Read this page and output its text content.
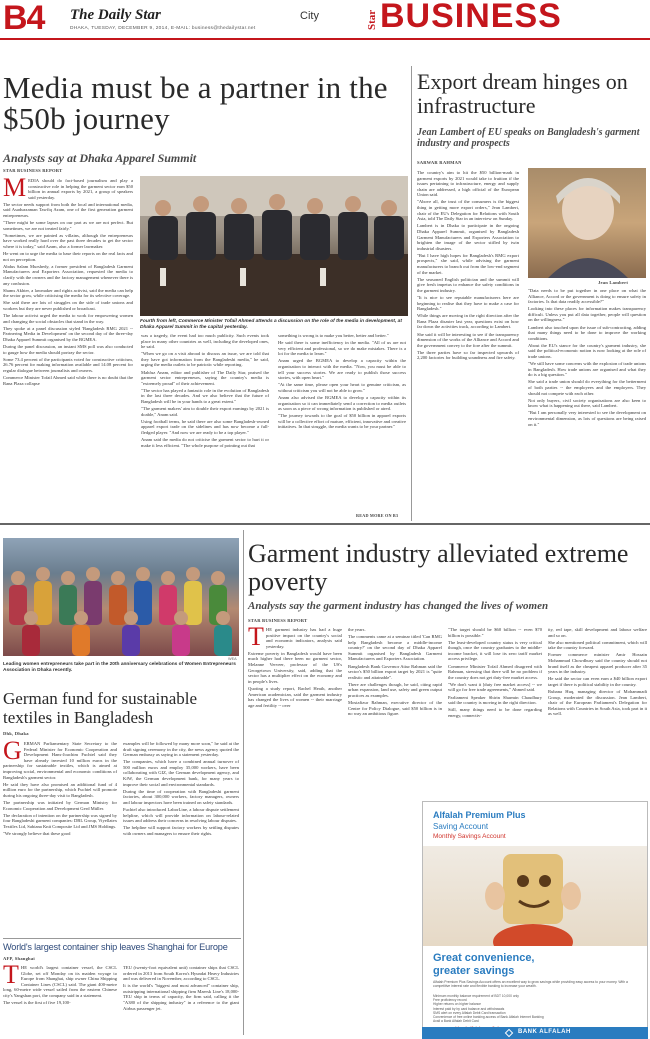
B4 The Daily Star
DHAKA, TUESDAY, DECEMBER 9, 2014, E-MAIL: business@thedailystar.net
City	Star BUSINESS
Media must be a partner in the $50b journey
Analysts say at Dhaka Apparel Summit
STAR BUSINESS REPORT
Fourth from left, Commerce Minister Tofail Ahmed attends a discussion on the role of the media in development, at Dhaka Apparel Summit in the capital yesterday.
M EDIA should do fact-based journalism and play a constructive role in helping the garment sector earn $50 billion in annual exports by 2021, a group of speakers said yesterday.

The sector needs support from both the local and international media, said Asaduzzaman Tawfiq Azam, one of the first generation garment entrepreneurs.

"There might be some lapses on our part as we are not perfect. But sometimes, we are not treated fairly."

"Sometimes, we are painted as villains, although the entrepreneurs have worked really hard over the past three decades to get the sector where it is today," said Azam, also a former lawmaker.

He went on to urge the media to base their reports on the real facts and not on perception.

Abdus Salam Murshedy, a former president of Bangladesh Garment Manufacturers and Exporters Association, requested the media to clarify with the owners and the factory management whenever there is any confusion.

Shams Akhter, a lawmaker and rights activist, said the media can help the sector grow, while criticising the media for its selective coverage.

She said there are lots of struggles on the side of trade unions and workers but they are never published or broadcast.

The labour activist urged the media to work for empowering women and changing the social obstacles that stand in the way.

They spoke at a panel discussion styled 'Bangladesh RMG 2021 -- Partnering Media in Development' on the second day of the three-day Dhaka Apparel Summit organised by the BGMEA.

During the panel discussion, an instant SMS poll was also conducted to gauge how the media should portray the sector.

Some 73.4 percent of the participants voted for constructive criticism, 26.76 percent for making information available and 14.08 percent for regular dialogue between journalists and owners.

Commerce Minister Tofail Ahmed said while there is no doubt that the Rana Plaza collapse

was a tragedy, the event had too much publicity. Such events took place in many other countries as well, including the developed ones, he said.

"When we go on a visit abroad to discuss an issue, we are told that they have got information from the Bangladeshi media," he said, urging the media outlets to be patriotic while reporting.

Mahfuz Anam, editor and publisher of The Daily Star, praised the garment sector entrepreneurs, saying the country's media is "extremely proud" of their achievement.

"The sector has played a fantastic role in the evolution of Bangladesh in the last three decades. And we also believe that the future of Bangladesh will be in your hands to a great extent."

"The garment makers' aim to double their export earnings by 2021 is doable," Anam said.

Using football terms, he said there are also some Bangladesh-owned apparel export trade on the sidelines and has now become a full-fledged player. "And now we are ready to be a top player."

Anam said the media do not criticise the garment sector to hurt it or make it less efficient. "The whole purpose of pointing out that

something is wrong is to make you better, better and better."

He said there is some inefficiency in the media. "All of us are not very efficient and professional, so we do make mistakes. There is a lot for the media to learn."

Anam urged the BGMEA to develop a capacity within the organisation to interact with the media. "Now, you must be able to tell your success stories. We are ready to publish those success stories, with open heart."

"At the same time, please open your heart to genuine criticism, as without criticism you will not be able to grow."

Anam also advised the BGMEA to develop a capacity within its organisation so it can immediately send a correction to media outlets as soon as a piece of wrong information is published or aired.

"The journey towards to the goal of $50 billion in apparel exports will be a collective effort of mature, efficient, innovative and creative initiatives. In that struggle, the media wants to be your partner."

READ MORE ON B3
Export dream hinges on infrastructure
Jean Lambert of EU speaks on Bangladesh's garment industry and prospects
SARWAR RAHMAN

The country's aim to hit the $50 billion-mark in garment exports by 2021 would take to fruition if the issues pertaining to infrastructure, energy and supply chain are addressed, a high official of the European Union said.

"Above all, the trust of the consumers is the biggest thing in getting more export orders," Jean Lambert, chair of the EU's Delegation for Relations with South Asia, told The Daily Star in an interview on Sunday.

Lambert is in Dhaka to participate in the ongoing Dhaka Apparel Summit, organised by Bangladesh Garment Manufacturers and Exporters Association to brighten the image of the sector stifled by twin industrial disasters.

"But I have high hopes for Bangladesh's RMG export prospects," she said, while advising the garment manufacturers to branch out from the low-end segment of the market.

The seasoned English politician and the summit will give fresh impetus to enhance the safety conditions in the garment industry.

"It is nice to see reputable manufacturers here are beginning to realise that they have to make a case for Bangladesh."

While things are moving in the right direction after the Rana Plaza disaster last year, questions exist on how far down the activities track, according to Lambert.

She said it will be interesting to see if the transparency dimension of the works of the Alliance and Accord and the government convey to the fore after the summit.

The three parties have so far inspected upwards of 2,200 factories for building soundness and fire safety.

Jean Lambert

"Data needs to be put together in one place on what the Alliance, Accord or the government is doing to ensure safety in factories. Is that data readily accessible?"

Looking into these places for information makes transparency difficult. Unless you put all data together, people will question on the willingness."

Lambert also touched upon the issue of sub-contracting, adding that many things need to be done to improve the working conditions.

About the EU's stance for the country's garment industry, she said the political-economic notion is now looking at the role of trade unions.

"We still have some concerns with the explosion of trade unions in Bangladesh. How trade unions are organised and what they do is a big question."

She said a trade union should do everything for the betterment of both parties -- the employees and the employers. They should not compete with each other.

Not only buyers, civil society organisations are also keen to know what is happening out there, said Lambert.

"But I am personally very interested to see the development on environmental dimension, as lots of questions are being raised on it."

WEA
Leading women entrepreneurs take part in the 20th anniversary celebrations of Women Entrepreneurs Association in Dhaka recently.
German fund for sustainable textiles in Bangladesh
Dhk, Dhaka
G ERMAN Parliamentary State Secretary to the Federal Minister for Economic Cooperation and Development Hans-Joachim Fuchtel said they have already invested 10 million euros in the partnership for sustainable textiles, which is aimed at improving social, environmental and economic conditions of Bangladesh's garment sector.

He said they have also promised an additional fund of 4 million euro for the partnership, which Fuchtel will promote during his ongoing three-day visit to Bangladesh.

The partnership was initiated by German Ministry for Economic Cooperation and Development Gerd Müller.

The declaration of intention on the partnership was signed by four Bangladeshi garment companies: DBL Group, Viyellatex Textiles Ltd, Sabiana Knit Composite Ltd and JMS Holdings.

"We strongly believe that these good

examples will be followed by many more soon," he said at the draft signing ceremony in the city, the news agency quoted the German embassy as saying in a statement yesterday.

The companies, which have a combined annual turnover of 500 million euros and employ 35,000 workers, have been collaborating with GIZ, the German development agency, and KfW, the German development bank, for many years to improve their social and environmental standards.

During the time of cooperation with Bangladeshi garment factories, about 300,000 workers, factory managers, owners and labour inspectors have been trained on safety standards.

Fuchtel also introduced LaborLine, a labour dispute settlement helpline, which will provide information on labour-related issues and address their concerns in resolving labour disputes.

The helpline will support factory workers by settling disputes with owners and managers to ensure their rights.

World's largest container ship leaves Shanghai for Europe
AFP, Shanghai
T HE world's largest container vessel, the CSCL Globe, set off Monday on its maiden voyage to Europe from Shanghai, ship owner China Shipping Container Lines (CSCL) said. The giant 400-metre long, 60-metre wide vessel sailed from the eastern Chinese city's Yangshan port, the company said in a statement.

The vessel is the first of five 19,100-

TEU (twenty-foot equivalent unit) container ships that CSCL ordered in 2013 from South Korea's Hyundai Heavy Industries and was delivered in November, according to CSCL.

It is the world's "biggest and most advanced" container ship, outstripping international shipping firm Maersk Line's 18,000-TEU ship in terms of capacity, the firm said, calling it the "A380 of the shipping industry" in a reference to the giant Airbus passenger jet.

Garment industry alleviated extreme poverty
Analysts say the garment industry has changed the lives of women
STAR BUSINESS REPORT
T HE garment industry has had a huge positive impact on the country's social and economic indicators, analysts said yesterday.

Extreme poverty in Bangladesh would have been much higher had there been no garment sector, Melanne Verveer, professor of the US's Georgetown University, said, adding that the sector has a multiplier effect on the economy and in people's lives.

Quoting a study report, Rachel Heath, another American academician, said the garment industry has changed the lives of women -- their marriage age and fertility -- over

the years.

The comments came at a seminar titled 'Can RMG help Bangladesh become a middle-income country?' on the second day of Dhaka Apparel Summit organised by Bangladesh Garment Manufacturers and Exporters Association.

Bangladesh Bank Governor Atiur Rahman said the sector's $50 billion export target by 2021 is "quite realistic and attainable".

There are challenges though, he said, citing rapid urban expansion, land use, safety and green output practices as examples.

Mostafizur Rahman, executive director of the Centre for Policy Dialogue, said $50 billion is in no way an ambitious figure.

"The target should be $60 billion -- even $70 billion is possible."

The least-developed country status is very critical though, once the country graduates to the middle-income bracket, it will lose its zero tariff market access privilege.

Commerce Minister Tofail Ahmed disagreed with Rahman, stressing that there will be no problem if the country does not get duty-free market access.

"We don't want it [duty free market access] -- we will go for free trade agreements," Ahmed said.

Parliament Speaker Shirin Sharmin Chaudhury said the country is moving in the right direction.

Still, many things need to be done regarding energy, connectiv-

ity, red tape, skill development and labour welfare and so on.

She also mentioned political commitment, which will take the country forward.

Former commerce minister Amir Hossain Mohammad Chowdhury said the country should not brand itself as the cheapest apparel producer after 35 years in the industry.

He said the sector can even earn a $40 billion export target if there is political stability in the country.

Rubana Huq, managing director of Mohammadi Group, moderated the discussion. Jean Lambert, chair of the European Parliament's Delegation for Relations with Countries in South Asia, took part in it as well.

Alfalah Premium Plus
Saving Account
Monthly Savings Account
Great convenience,
greater savings
Alfalah Premium Plus Savings Account offers an excellent way to grow savings while providing easy access to your money. With a competitive interest rate and flexible banking to increase your wealth.
Minimum monthly balance requirement of BDT 10,000 only
Free proficiency record
Higher returns on higher balance
Interest paid by by card balance and withdrawals
SMS alert on every Alfalah Debit Card transaction
Convenience of free online banking access of Bank Alfalah Internet Banking
Avail a Bank Alfalah Debit Card
BANK ALFALAH
